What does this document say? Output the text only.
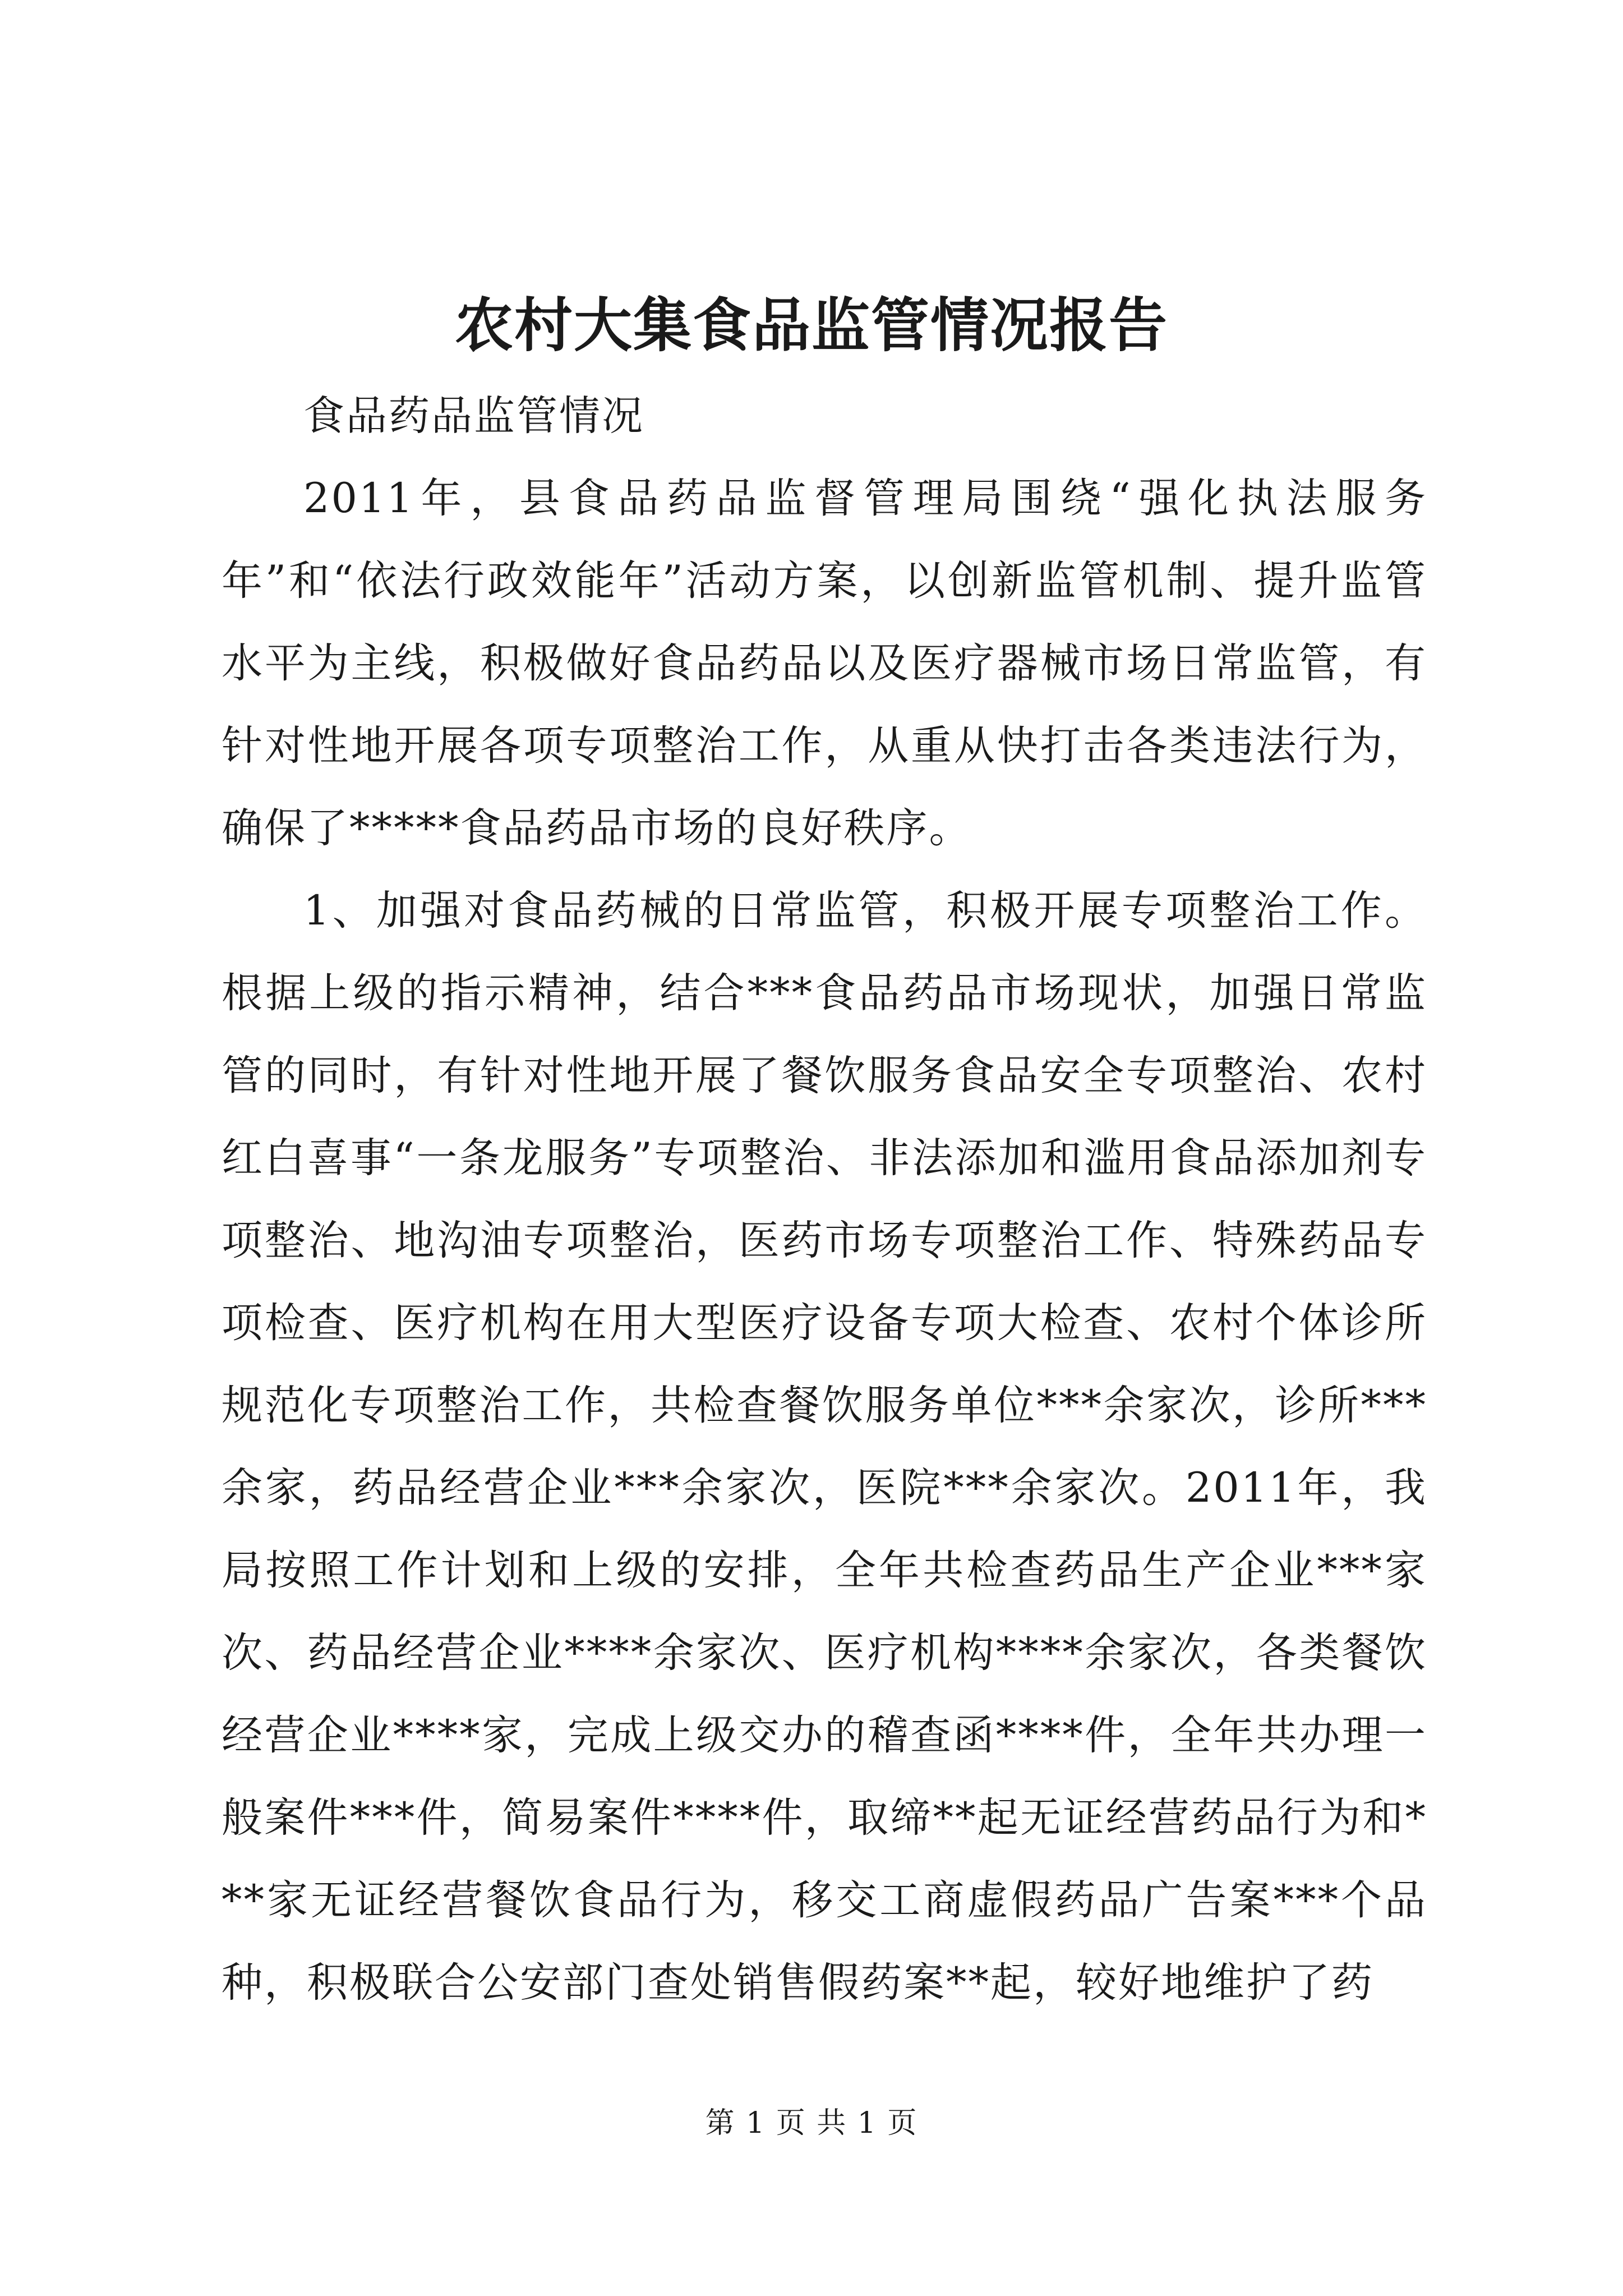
农村大集食品监管情况报告

食品药品监管情况

2011年，县食品药品监督管理局围绕“强化执法服务年”和“依法行政效能年”活动方案，以创新监管机制、提升监管水平为主线，积极做好食品药品以及医疗器械市场日常监管，有针对性地开展各项专项整治工作，从重从快打击各类违法行为，确保了*****食品药品市场的良好秩序。

1、加强对食品药械的日常监管，积极开展专项整治工作。根据上级的指示精神，结合***食品药品市场现状，加强日常监管的同时，有针对性地开展了餐饮服务食品安全专项整治、农村红白喜事“一条龙服务”专项整治、非法添加和滥用食品添加剂专项整治、地沟油专项整治，医药市场专项整治工作、特殊药品专项检查、医疗机构在用大型医疗设备专项大检查、农村个体诊所规范化专项整治工作，共检查餐饮服务单位***余家次，诊所***余家，药品经营企业***余家次，医院***余家次。2011年，我局按照工作计划和上级的安排，全年共检查药品生产企业***家次、药品经营企业****余家次、医疗机构****余家次，各类餐饮经营企业****家，完成上级交办的稽查函****件，全年共办理一般案件***件，简易案件****件，取缔**起无证经营药品行为和***家无证经营餐饮食品行为，移交工商虚假药品广告案***个品种，积极联合公安部门查处销售假药案**起，较好地维护了药

第 1 页 共 1 页
